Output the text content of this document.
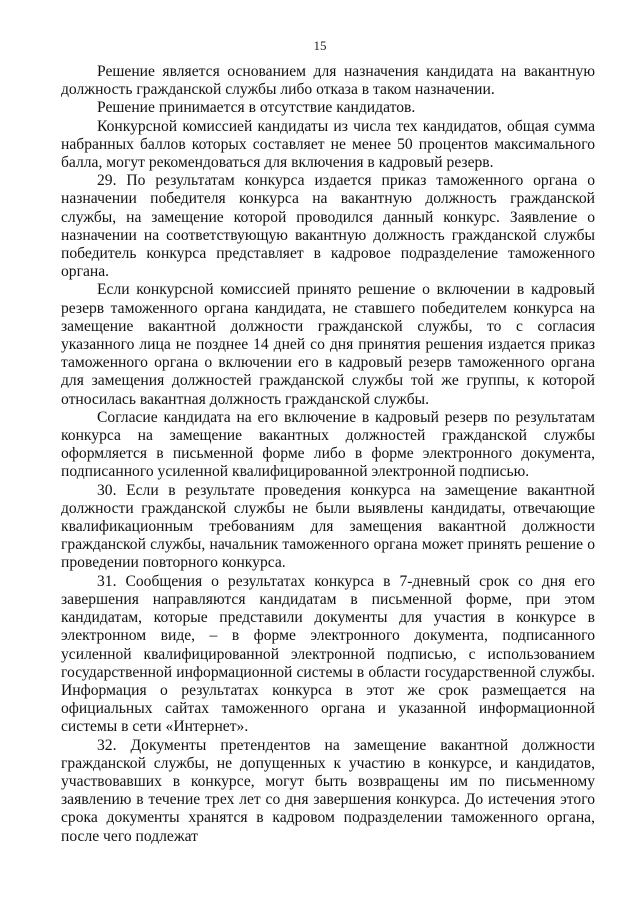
15

Решение является основанием для назначения кандидата на вакантную должность гражданской службы либо отказа в таком назначении.

Решение принимается в отсутствие кандидатов.

Конкурсной комиссией кандидаты из числа тех кандидатов, общая сумма набранных баллов которых составляет не менее 50 процентов максимального балла, могут рекомендоваться для включения в кадровый резерв.

29. По результатам конкурса издается приказ таможенного органа о назначении победителя конкурса на вакантную должность гражданской службы, на замещение которой проводился данный конкурс. Заявление о назначении на соответствующую вакантную должность гражданской службы победитель конкурса представляет в кадровое подразделение таможенного органа.

Если конкурсной комиссией принято решение о включении в кадровый резерв таможенного органа кандидата, не ставшего победителем конкурса на замещение вакантной должности гражданской службы, то с согласия указанного лица не позднее 14 дней со дня принятия решения издается приказ таможенного органа о включении его в кадровый резерв таможенного органа для замещения должностей гражданской службы той же группы, к которой относилась вакантная должность гражданской службы.

Согласие кандидата на его включение в кадровый резерв по результатам конкурса на замещение вакантных должностей гражданской службы оформляется в письменной форме либо в форме электронного документа, подписанного усиленной квалифицированной электронной подписью.

30. Если в результате проведения конкурса на замещение вакантной должности гражданской службы не были выявлены кандидаты, отвечающие квалификационным требованиям для замещения вакантной должности гражданской службы, начальник таможенного органа может принять решение о проведении повторного конкурса.

31. Сообщения о результатах конкурса в 7-дневный срок со дня его завершения направляются кандидатам в письменной форме, при этом кандидатам, которые представили документы для участия в конкурсе в электронном виде, – в форме электронного документа, подписанного усиленной квалифицированной электронной подписью, с использованием государственной информационной системы в области государственной службы. Информация о результатах конкурса в этот же срок размещается на официальных сайтах таможенного органа и указанной информационной системы в сети «Интернет».

32. Документы претендентов на замещение вакантной должности гражданской службы, не допущенных к участию в конкурсе, и кандидатов, участвовавших в конкурсе, могут быть возвращены им по письменному заявлению в течение трех лет со дня завершения конкурса. До истечения этого срока документы хранятся в кадровом подразделении таможенного органа, после чего подлежат
